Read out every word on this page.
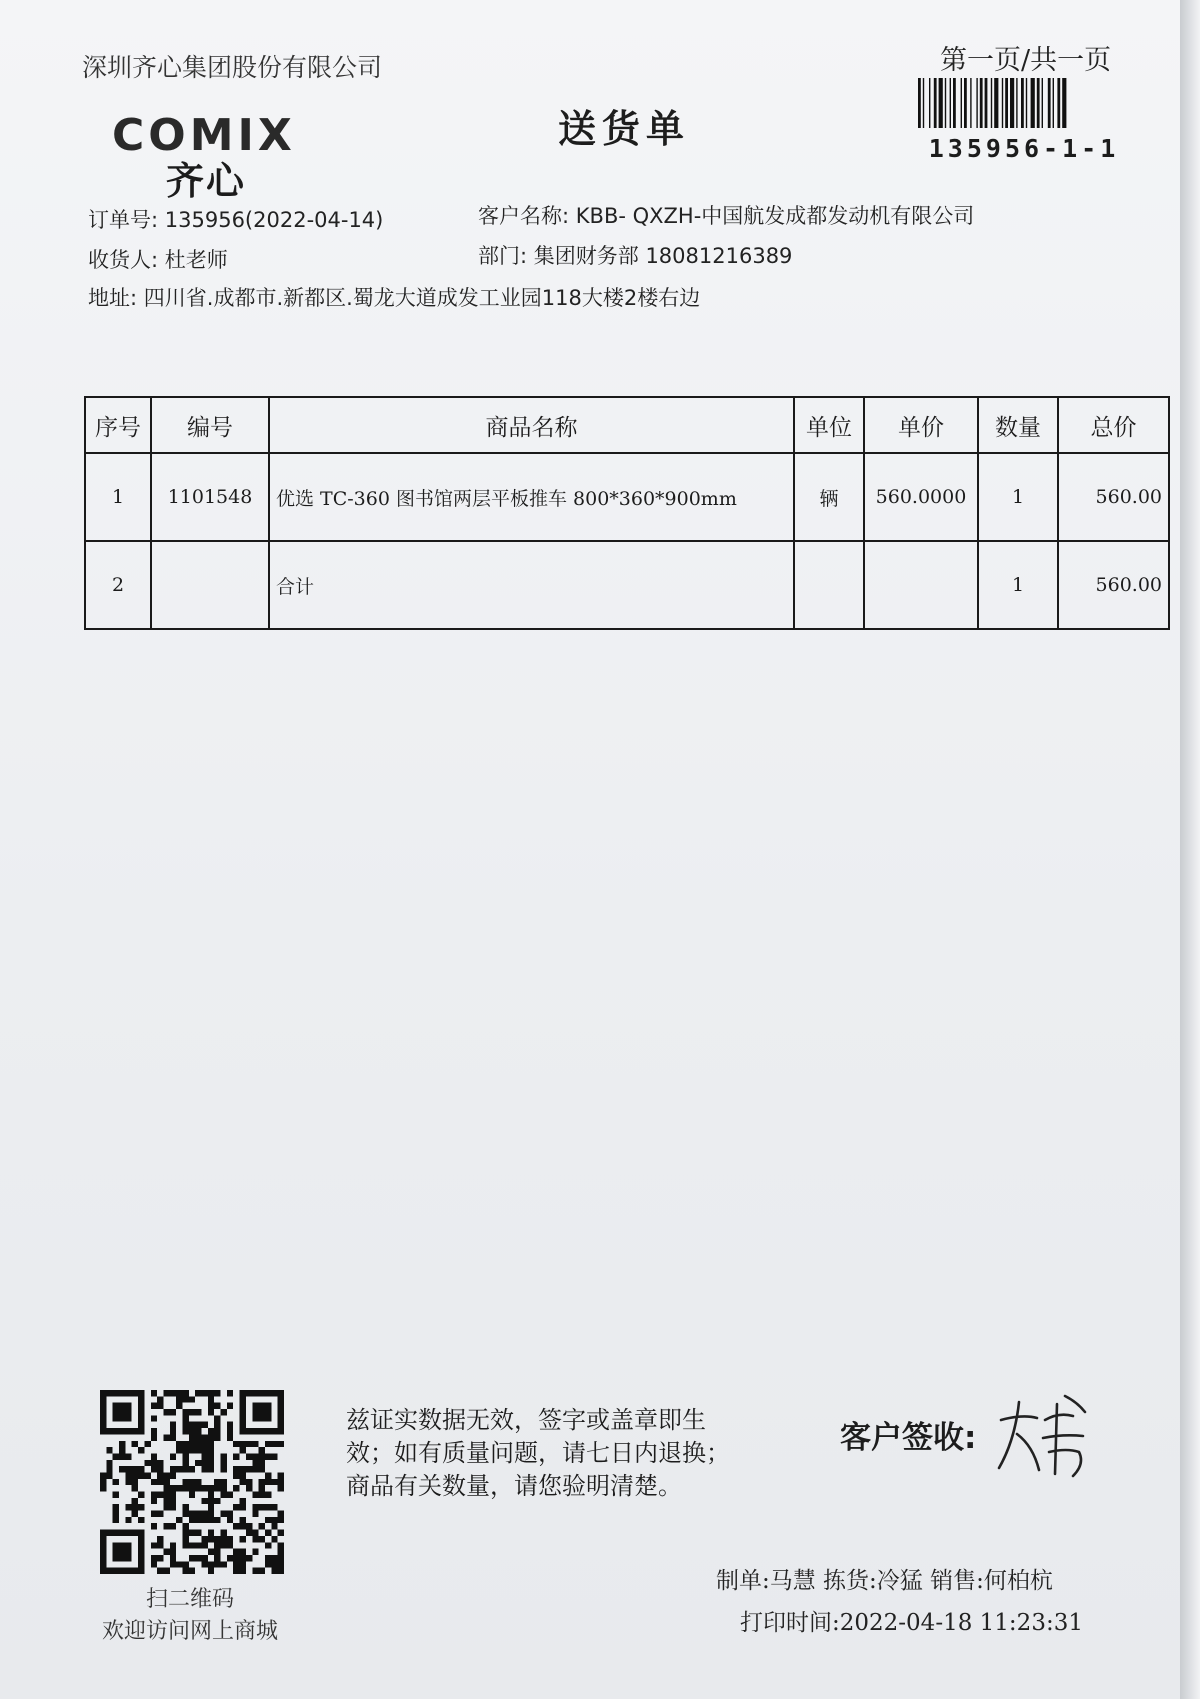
深圳齐心集团股份有限公司	第一页/共一页
135956-1-1
COMIX
齐心
送货单
订单号: 135956(2022-04-14)	客户名称: KBB- QXZH-中国航发成都发动机有限公司
收货人: 杜老师	部门: 集团财务部 18081216389
地址: 四川省.成都市.新都区.蜀龙大道成发工业园118大楼2楼右边
序号	编号	商品名称	单位	单价	数量	总价
1	1101548	优选 TC-360 图书馆两层平板推车 800*360*900mm	辆	560.0000	1	560.00
2		合计			1	560.00
扫二维码
欢迎访问网上商城
兹证实数据无效，签字或盖章即生效；如有质量问题，请七日内退换；商品有关数量，请您验明清楚。
客户签收:
制单:马慧 拣货:冷猛 销售:何柏杭
打印时间:2022-04-18 11:23:31
